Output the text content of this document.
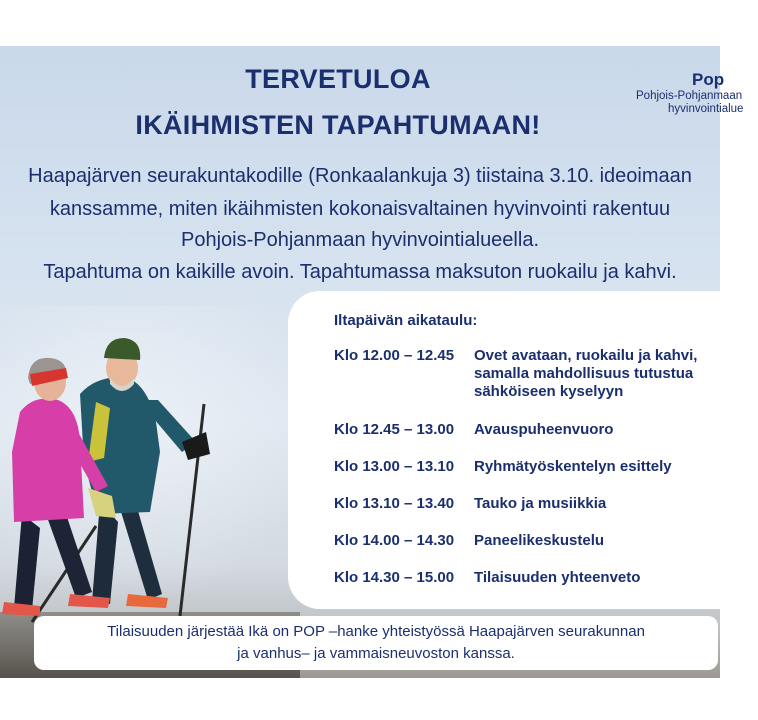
TERVETULOA
IKÄIHMISTEN TAPAHTUMAAN!
Pop
Pohjois-Pohjanmaan
hyvinvointialue

Haapajärven seurakuntakodille (Ronkaalankuja 3) tiistaina 3.10. ideoimaan

kanssamme, miten ikäihmisten kokonaisvaltainen hyvinvointi rakentuu

Pohjois-Pohjanmaan hyvinvointialueella.

Tapahtuma on kaikille avoin. Tapahtumassa maksuton ruokailu ja kahvi.

Iltapäivän aikataulu:

Klo 12.00 – 12.45 Ovet avataan, ruokailu ja kahvi,
samalla mahdollisuus tutustua
sähköiseen kyselyyn
Klo 12.45 – 13.00 Avauspuheenvuoro
Klo 13.00 – 13.10 Ryhmätyöskentelyn esittely
Klo 13.10 – 13.40 Tauko ja musiikkia
Klo 14.00 – 14.30 Paneelikeskustelu
Klo 14.30 – 15.00 Tilaisuuden yhteenveto
Tilaisuuden järjestää Ikä on POP –hanke yhteistyössä Haapajärven seurakunnan
ja vanhus– ja vammaisneuvoston kanssa.
